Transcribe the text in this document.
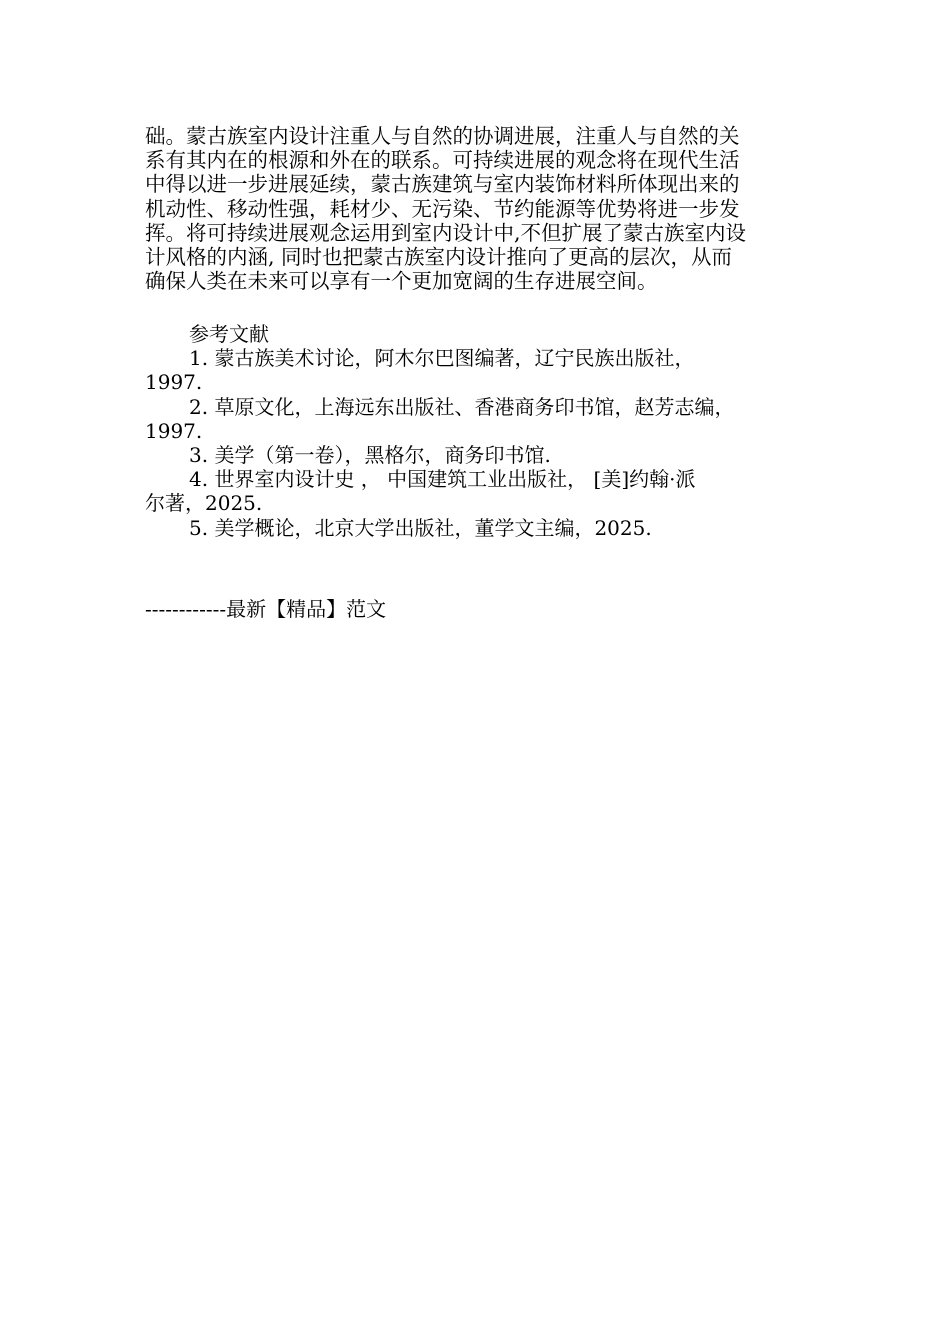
础。蒙古族室内设计注重人与自然的协调进展，注重人与自然的关
系有其内在的根源和外在的联系。可持续进展的观念将在现代生活
中得以进一步进展延续，蒙古族建筑与室内装饰材料所体现出来的
机动性、移动性强，耗材少、无污染、节约能源等优势将进一步发
挥。将可持续进展观念运用到室内设计中,不但扩展了蒙古族室内设
计风格的内涵, 同时也把蒙古族室内设计推向了更高的层次，从而
确保人类在未来可以享有一个更加宽阔的生存进展空间。
参考文献
1. 蒙古族美术讨论，阿木尔巴图编著，辽宁民族出版社，
1997.
2. 草原文化，上海远东出版社、香港商务印书馆，赵芳志编，
1997.
3. 美学（第一卷），黑格尔，商务印书馆.
4. 世界室内设计史 ， 中国建筑工业出版社， [美]约翰·派
尔著，2025.
5. 美学概论，北京大学出版社，董学文主编，2025.
------------最新【精品】范文
